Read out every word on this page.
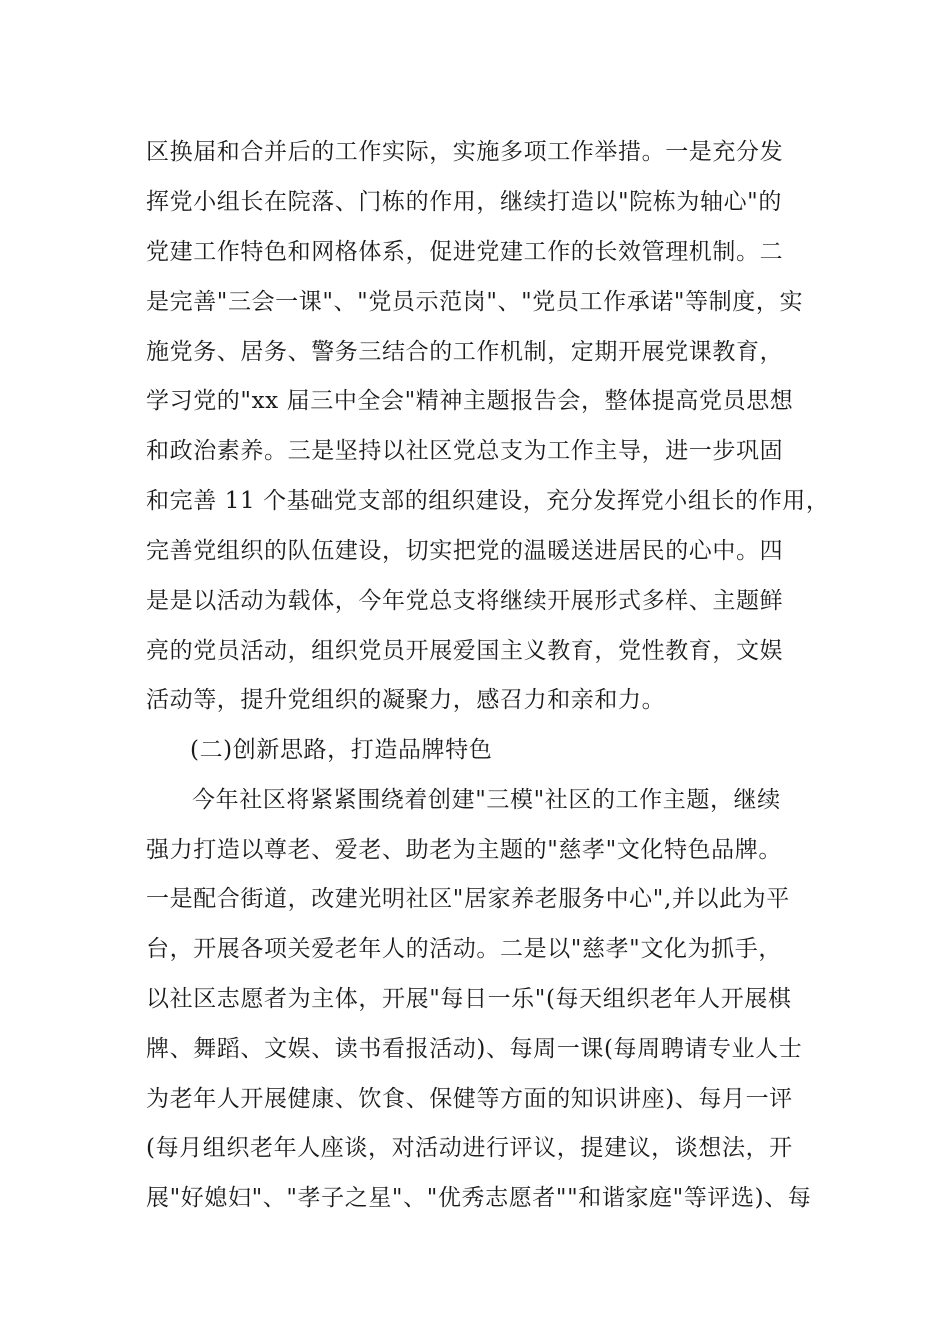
区换届和合并后的工作实际，实施多项工作举措。一是充分发

挥党小组长在院落、门栋的作用，继续打造以"院栋为轴心"的

党建工作特色和网格体系，促进党建工作的长效管理机制。二

是完善"三会一课"、"党员示范岗"、"党员工作承诺"等制度，实

施党务、居务、警务三结合的工作机制，定期开展党课教育，

学习党的"xx 届三中全会"精神主题报告会，整体提高党员思想

和政治素养。三是坚持以社区党总支为工作主导，进一步巩固

和完善 11 个基础党支部的组织建设，充分发挥党小组长的作用，

完善党组织的队伍建设，切实把党的温暖送进居民的心中。四

是是以活动为载体，今年党总支将继续开展形式多样、主题鲜

亮的党员活动，组织党员开展爱国主义教育，党性教育，文娱

活动等，提升党组织的凝聚力，感召力和亲和力。

(二)创新思路，打造品牌特色

今年社区将紧紧围绕着创建"三模"社区的工作主题，继续

强力打造以尊老、爱老、助老为主题的"慈孝"文化特色品牌。

一是配合街道，改建光明社区"居家养老服务中心",并以此为平

台，开展各项关爱老年人的活动。二是以"慈孝"文化为抓手，

以社区志愿者为主体，开展"每日一乐"(每天组织老年人开展棋

牌、舞蹈、文娱、读书看报活动)、每周一课(每周聘请专业人士

为老年人开展健康、饮食、保健等方面的知识讲座)、每月一评

(每月组织老年人座谈，对活动进行评议，提建议，谈想法，开

展"好媳妇"、"孝子之星"、"优秀志愿者""和谐家庭"等评选)、每
